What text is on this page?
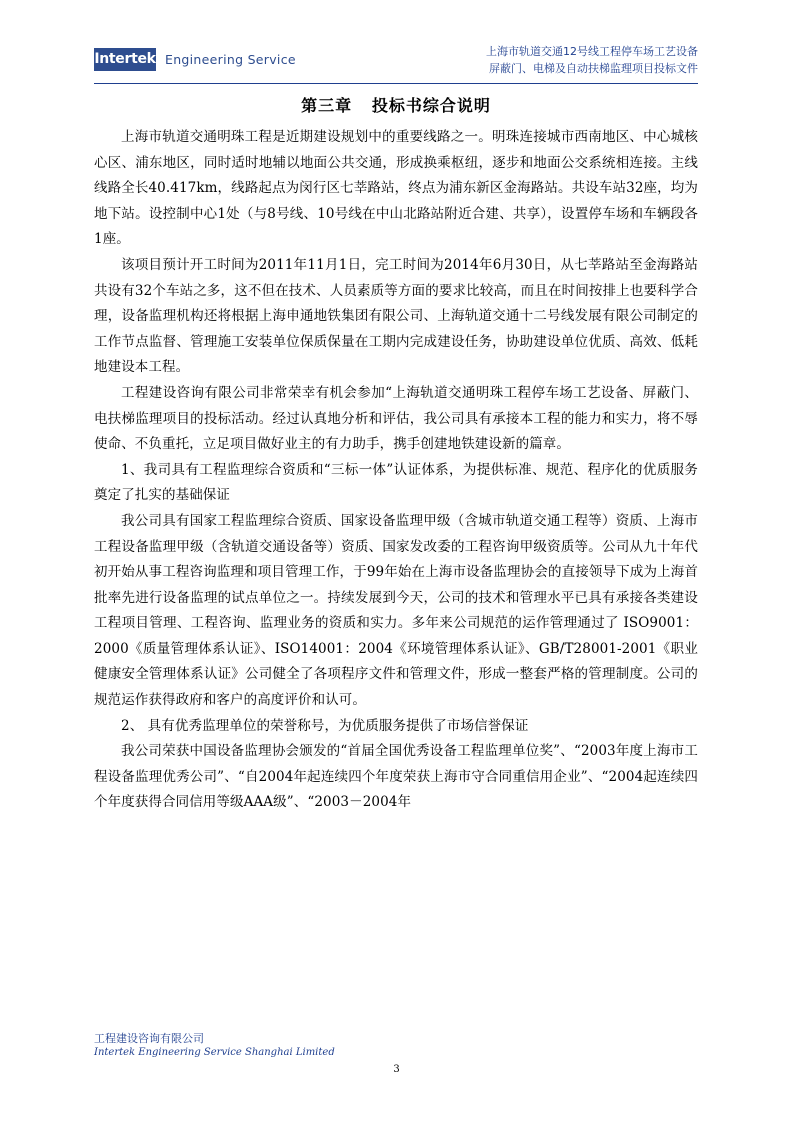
Intertek Engineering Service
上海市轨道交通12号线工程停车场工艺设备
屏蔽门、电梯及自动扶梯监理项目投标文件
第三章   投标书综合说明

上海市轨道交通明珠工程是近期建设规划中的重要线路之一。明珠连接城市西南地区、中心城核心区、浦东地区，同时适时地辅以地面公共交通，形成换乘枢纽，逐步和地面公交系统相连接。主线线路全长40.417km，线路起点为闵行区七莘路站，终点为浦东新区金海路站。共设车站32座，均为地下站。设控制中心1处（与8号线、10号线在中山北路站附近合建、共享），设置停车场和车辆段各 1座。

该项目预计开工时间为2011年11月1日，完工时间为2014年6月30日，从七莘路站至金海路站共设有32个车站之多，这不但在技术、人员素质等方面的要求比较高，而且在时间按排上也要科学合理，设备监理机构还将根据上海申通地铁集团有限公司、上海轨道交通十二号线发展有限公司制定的工作节点监督、管理施工安装单位保质保量在工期内完成建设任务，协助建设单位优质、高效、低耗地建设本工程。

工程建设咨询有限公司非常荣幸有机会参加“上海轨道交通明珠工程停车场工艺设备、屏蔽门、电扶梯监理项目的投标活动。经过认真地分析和评估，我公司具有承接本工程的能力和实力，将不辱使命、不负重托，立足项目做好业主的有力助手，携手创建地铁建设新的篇章。

1、我司具有工程监理综合资质和“三标一体”认证体系，为提供标准、规范、程序化的优质服务奠定了扎实的基础保证

我公司具有国家工程监理综合资质、国家设备监理甲级（含城市轨道交通工程等）资质、上海市工程设备监理甲级（含轨道交通设备等）资质、国家发改委的工程咨询甲级资质等。公司从九十年代初开始从事工程咨询监理和项目管理工作，于99年始在上海市设备监理协会的直接领导下成为上海首批率先进行设备监理的试点单位之一。持续发展到今天，公司的技术和管理水平已具有承接各类建设工程项目管理、工程咨询、监理业务的资质和实力。多年来公司规范的运作管理通过了 ISO9001：2000《质量管理体系认证》、ISO14001：2004《环境管理体系认证》、GB/T28001-2001《职业健康安全管理体系认证》公司健全了各项程序文件和管理文件，形成一整套严格的管理制度。公司的规范运作获得政府和客户的高度评价和认可。

2、 具有优秀监理单位的荣誉称号，为优质服务提供了市场信誉保证

我公司荣获中国设备监理协会颁发的“首届全国优秀设备工程监理单位奖”、“2003年度上海市工程设备监理优秀公司”、“自2004年起连续四个年度荣获上海市守合同重信用企业”、“2004起连续四个年度获得合同信用等级AAA级”、“2003－2004年

工程建设咨询有限公司
Intertek Engineering Service Shanghai Limited
3
